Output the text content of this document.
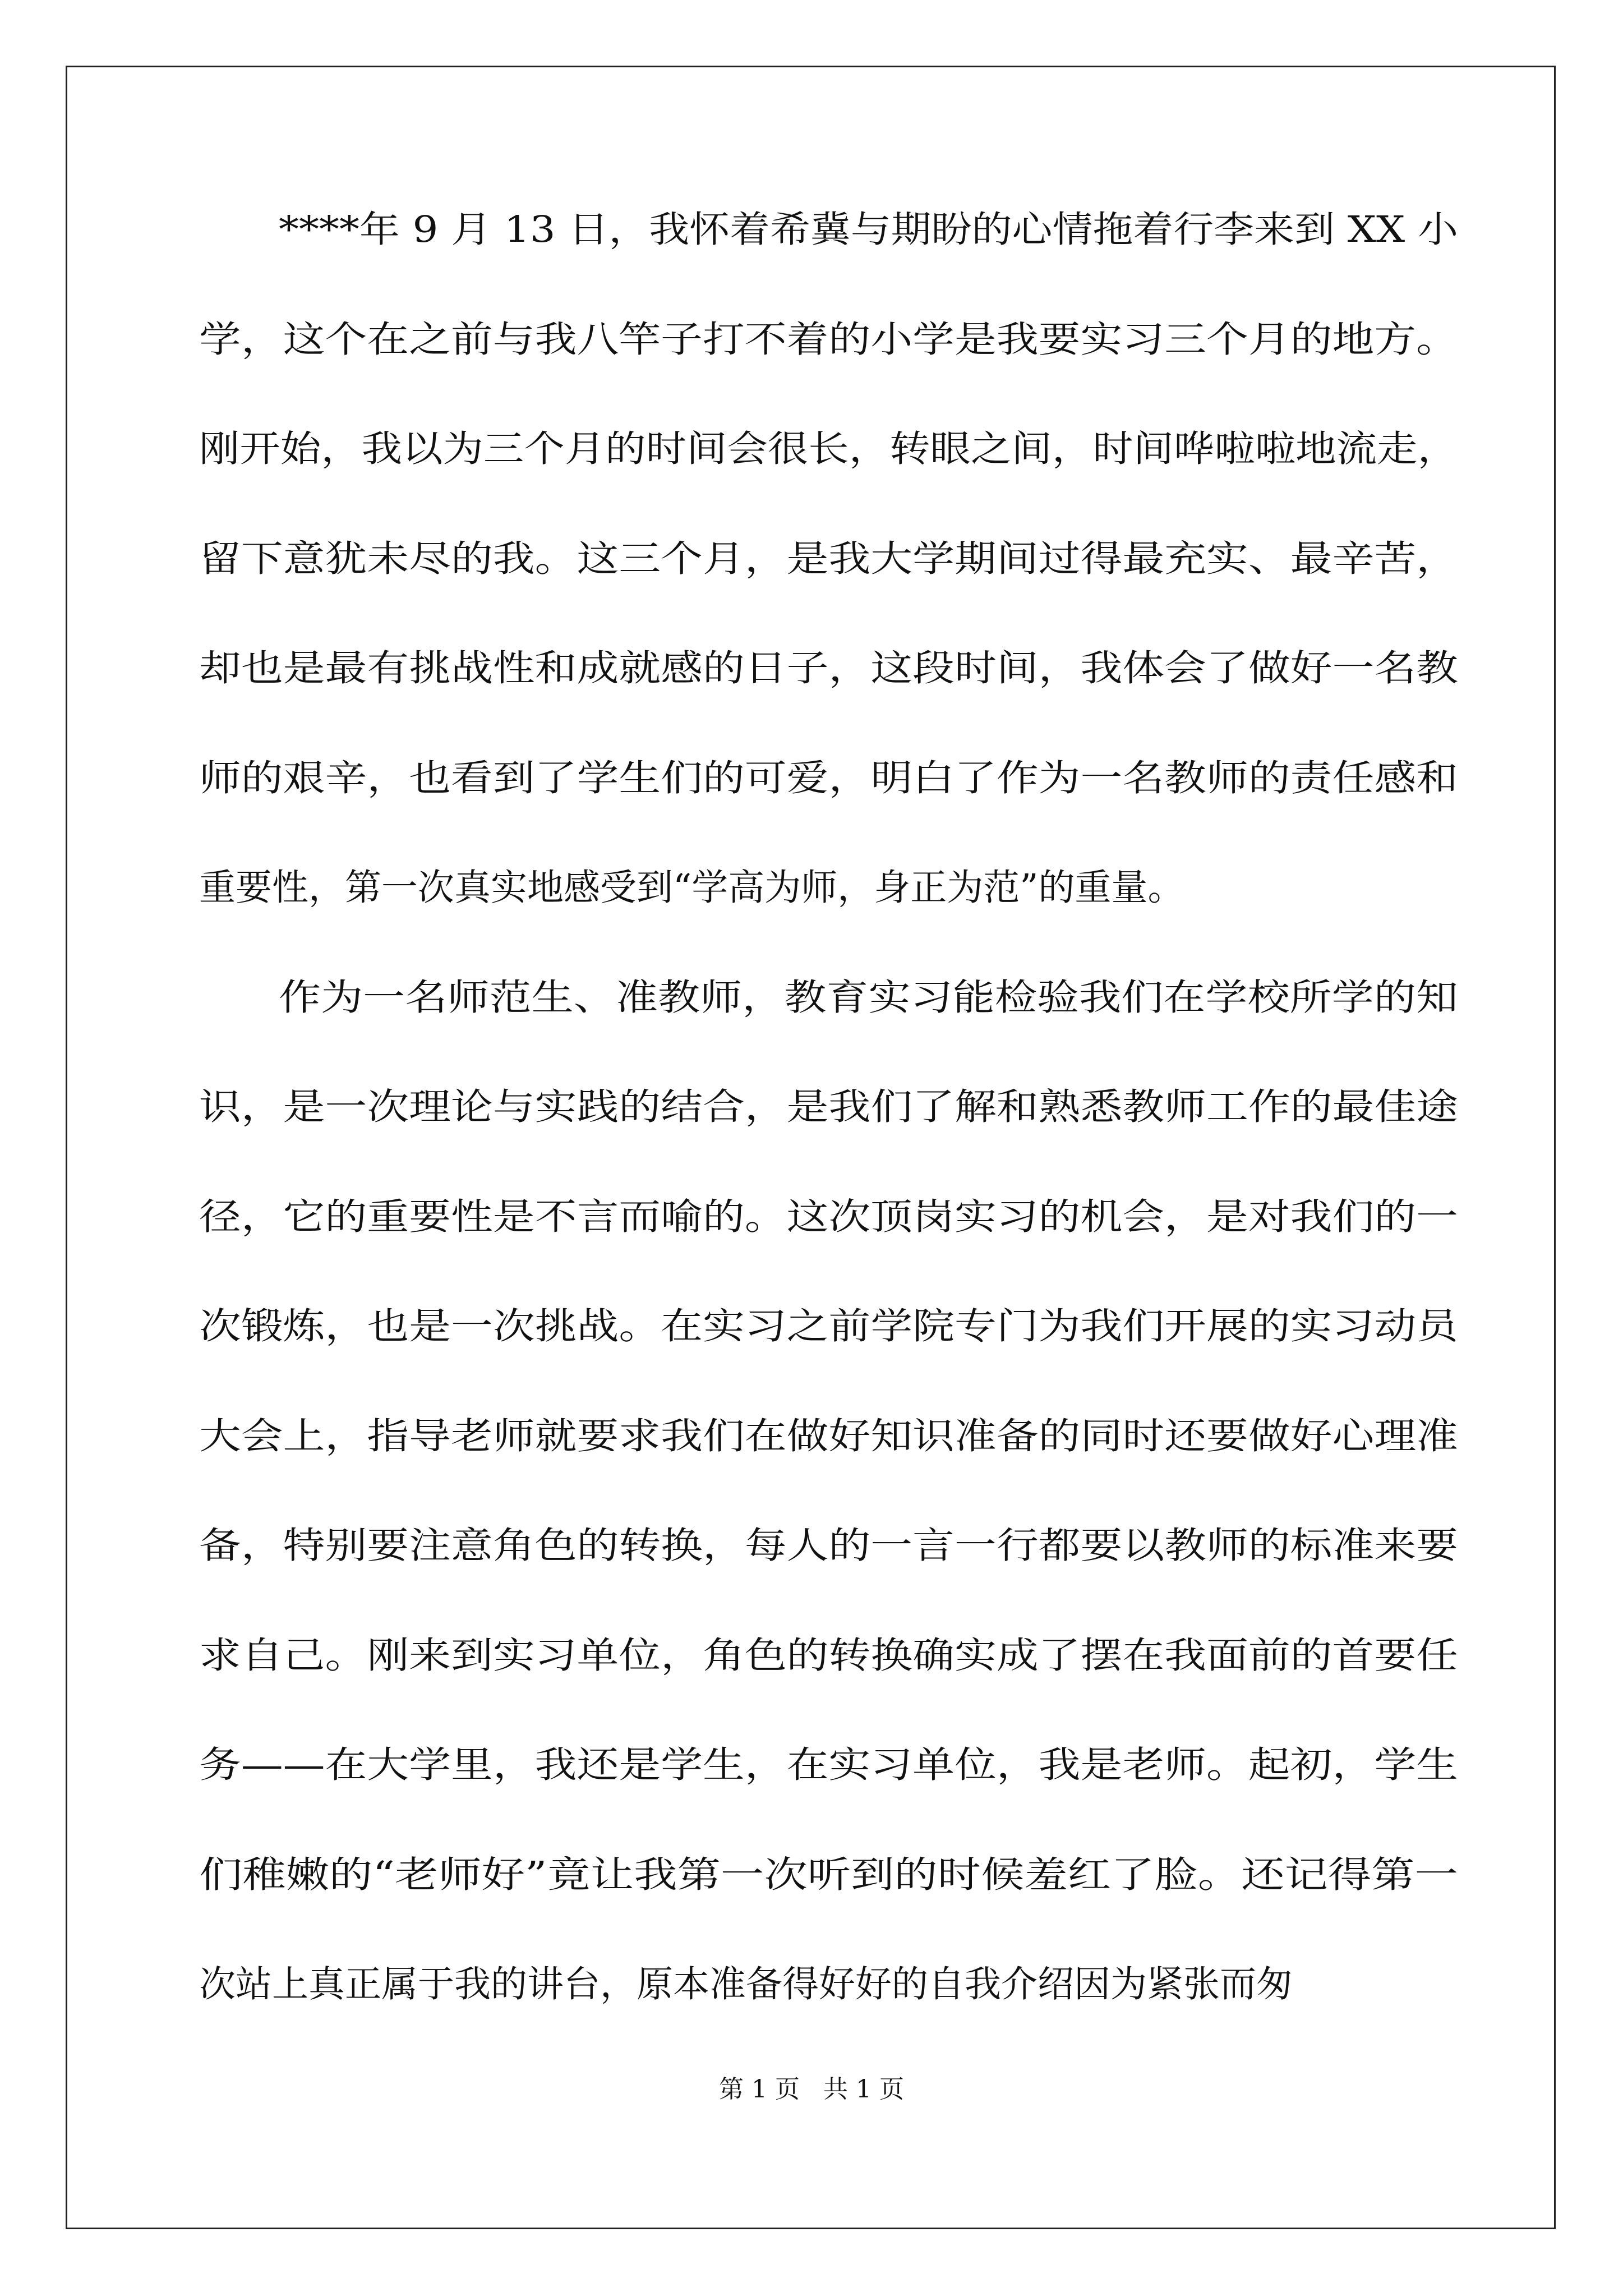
****年 9 月 13 日，我怀着希冀与期盼的心情拖着行李来到 XX 小
学，这个在之前与我八竿子打不着的小学是我要实习三个月的地方。
刚开始，我以为三个月的时间会很长，转眼之间，时间哗啦啦地流走，
留下意犹未尽的我。这三个月，是我大学期间过得最充实、最辛苦，
却也是最有挑战性和成就感的日子，这段时间，我体会了做好一名教
师的艰辛，也看到了学生们的可爱，明白了作为一名教师的责任感和
重要性，第一次真实地感受到“学高为师，身正为范”的重量。
作为一名师范生、准教师，教育实习能检验我们在学校所学的知
识，是一次理论与实践的结合，是我们了解和熟悉教师工作的最佳途
径，它的重要性是不言而喻的。这次顶岗实习的机会，是对我们的一
次锻炼，也是一次挑战。在实习之前学院专门为我们开展的实习动员
大会上，指导老师就要求我们在做好知识准备的同时还要做好心理准
备，特别要注意角色的转换，每人的一言一行都要以教师的标准来要
求自己。刚来到实习单位，角色的转换确实成了摆在我面前的首要任
务——在大学里，我还是学生，在实习单位，我是老师。起初，学生
们稚嫩的“老师好”竟让我第一次听到的时候羞红了脸。还记得第一
次站上真正属于我的讲台，原本准备得好好的自我介绍因为紧张而匆
第 1 页   共 1 页
